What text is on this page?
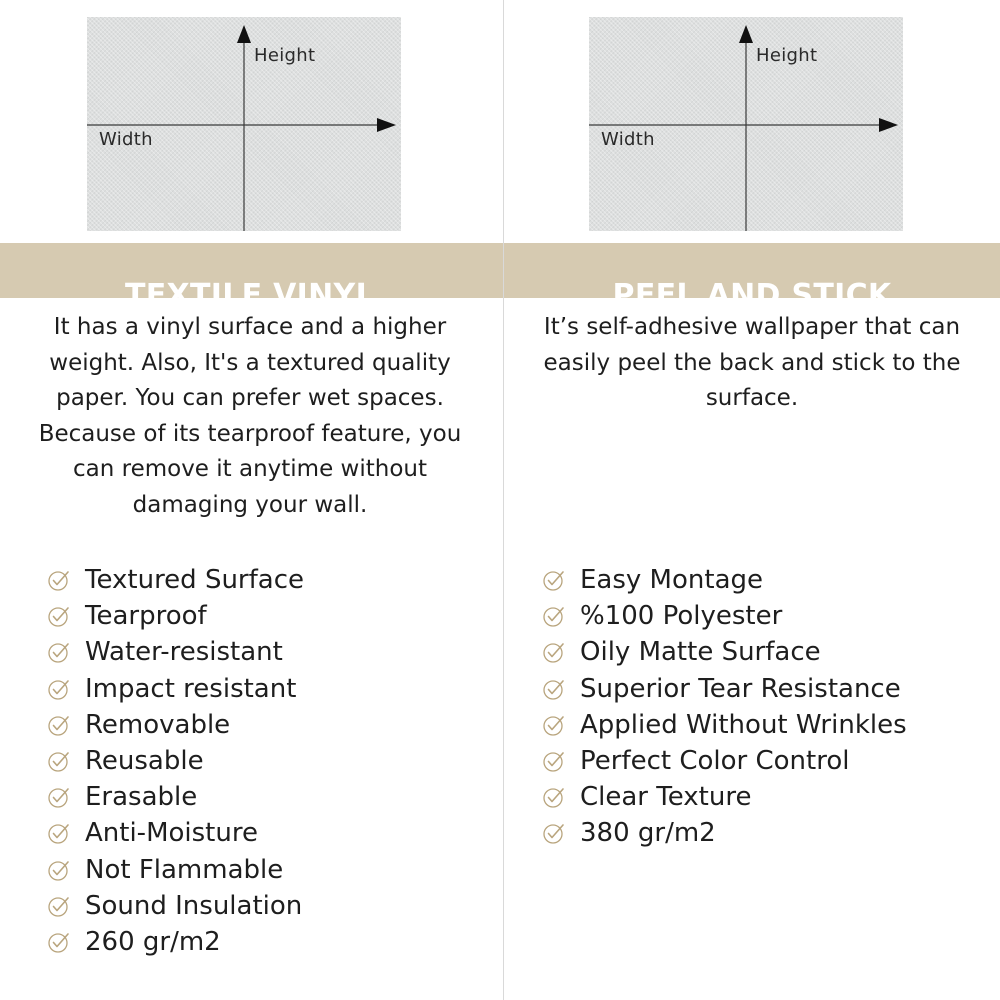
Height
Width
TEXTILE VINYL

It has a vinyl surface and a higher weight. Also, It's a textured quality paper. You can prefer wet spaces. Because of its tearproof feature, you can remove it anytime without damaging your wall.

Textured Surface
Tearproof
Water-resistant
Impact resistant
Removable
Reusable
Erasable
Anti-Moisture
Not Flammable
Sound Insulation
260 gr/m2
Height
Width
PEEL AND STICK

It’s self-adhesive wallpaper that can easily peel the back and stick to the surface.

Easy Montage
%100 Polyester
Oily Matte Surface
Superior Tear Resistance
Applied Without Wrinkles
Perfect Color Control
Clear Texture
380 gr/m2
